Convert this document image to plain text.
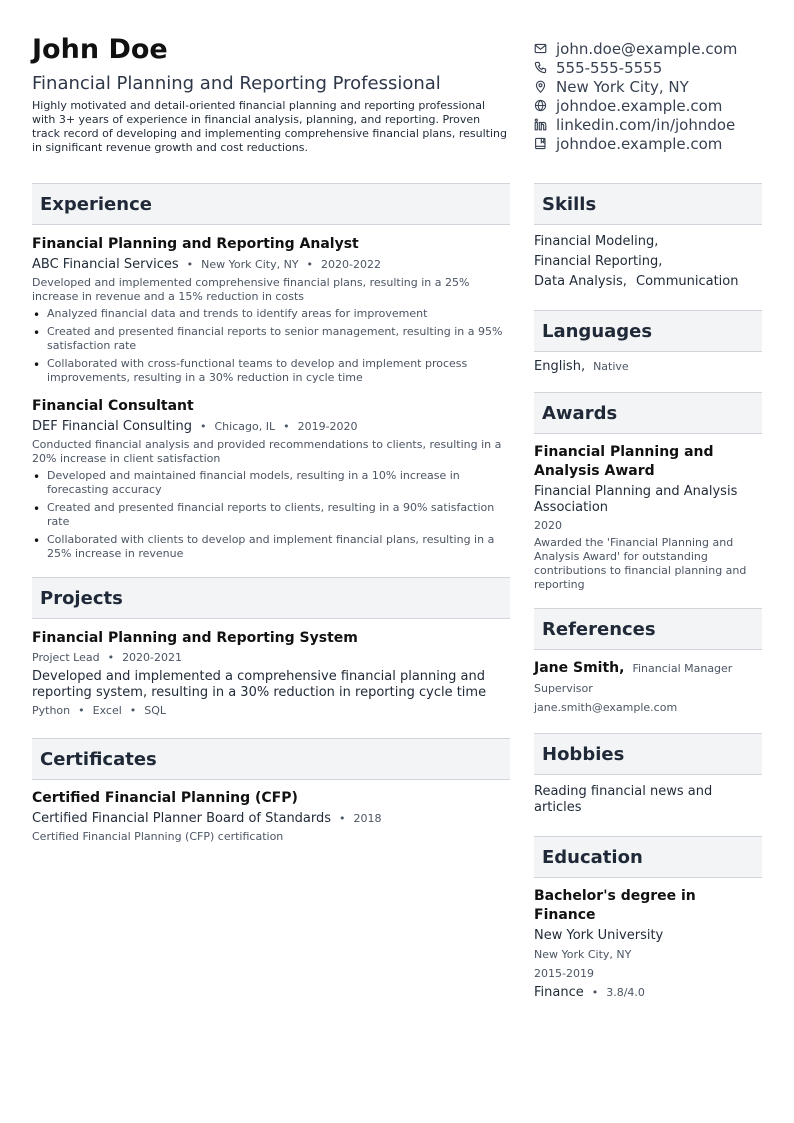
John Doe
Financial Planning and Reporting Professional
Highly motivated and detail-oriented financial planning and reporting professional with 3+ years of experience in financial analysis, planning, and reporting. Proven track record of developing and implementing comprehensive financial plans, resulting in significant revenue growth and cost reductions.
john.doe@example.com
555-555-5555
New York City, NY
johndoe.example.com
linkedin.com/in/johndoe
johndoe.example.com
Experience
Financial Planning and Reporting Analyst
ABC Financial Services • New York City, NY • 2020-2022
Developed and implemented comprehensive financial plans, resulting in a 25% increase in revenue and a 15% reduction in costs
• Analyzed financial data and trends to identify areas for improvement
• Created and presented financial reports to senior management, resulting in a 95% satisfaction rate
• Collaborated with cross-functional teams to develop and implement process improvements, resulting in a 30% reduction in cycle time
Financial Consultant
DEF Financial Consulting • Chicago, IL • 2019-2020
Conducted financial analysis and provided recommendations to clients, resulting in a 20% increase in client satisfaction
• Developed and maintained financial models, resulting in a 10% increase in forecasting accuracy
• Created and presented financial reports to clients, resulting in a 90% satisfaction rate
• Collaborated with clients to develop and implement financial plans, resulting in a 25% increase in revenue
Projects
Financial Planning and Reporting System
Project Lead • 2020-2021
Developed and implemented a comprehensive financial planning and reporting system, resulting in a 30% reduction in reporting cycle time
Python • Excel • SQL
Certificates
Certified Financial Planning (CFP)
Certified Financial Planner Board of Standards • 2018
Certified Financial Planning (CFP) certification
Skills
Financial Modeling,
Financial Reporting,
Data Analysis, Communication
Languages
English, Native
Awards
Financial Planning and Analysis Award
Financial Planning and Analysis Association
2020
Awarded the 'Financial Planning and Analysis Award' for outstanding contributions to financial planning and reporting
References
Jane Smith, Financial Manager
Supervisor
jane.smith@example.com
Hobbies
Reading financial news and articles
Education
Bachelor's degree in Finance
New York University
New York City, NY
2015-2019
Finance • 3.8/4.0
